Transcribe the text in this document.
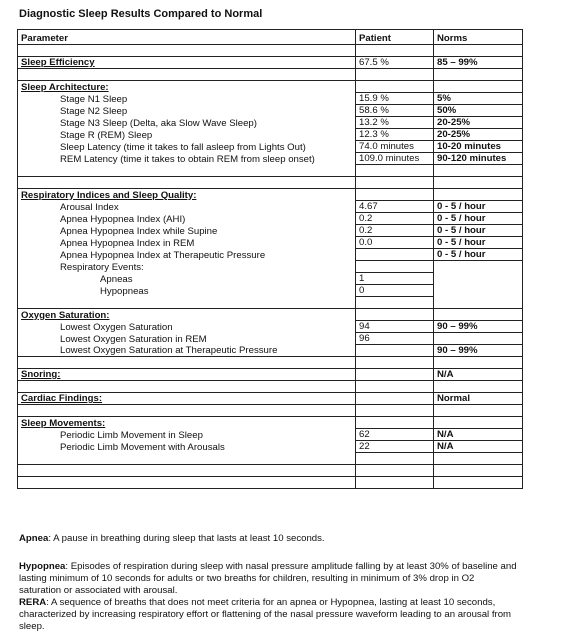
Diagnostic Sleep Results Compared to Normal
Parameter	Patient	Norms

Sleep Efficiency	67.5 %	85 – 99%

Sleep Architecture:		
Stage N1 Sleep	15.9 %	5%
Stage N2 Sleep	58.6 %	50%
Stage N3 Sleep (Delta, aka Slow Wave Sleep)	13.2 %	20-25%
Stage R (REM) Sleep	12.3 %	20-25%
Sleep Latency (time it takes to fall asleep from Lights Out)	74.0 minutes	10-20 minutes
REM Latency (time it takes to obtain REM from sleep onset)	109.0 minutes	90-120 minutes

Respiratory Indices and Sleep Quality:		
Arousal Index	4.67	0 - 5 / hour
Apnea Hypopnea Index (AHI)	0.2	0 - 5 / hour
Apnea Hypopnea Index while Supine	0.2	0 - 5 / hour
Apnea Hypopnea Index in REM	0.0	0 - 5 / hour
Apnea Hypopnea Index at Therapeutic Pressure		0 - 5 / hour
Respiratory Events:		
Apneas	1	
Hypopneas	0	

Oxygen Saturation:		
Lowest Oxygen Saturation	94	90 – 99%
Lowest Oxygen Saturation in REM	96	
Lowest Oxygen Saturation at Therapeutic Pressure		90 – 99%

Snoring:		N/A

Cardiac Findings:		Normal

Sleep Movements:		
Periodic Limb Movement in Sleep	62	N/A
Periodic Limb Movement with Arousals	22	N/A

Apnea: A pause in breathing during sleep that lasts at least 10 seconds.
Hypopnea: Episodes of respiration during sleep with nasal pressure amplitude falling by at least 30% of baseline and lasting minimum of 10 seconds for adults or two breaths for children, resulting in minimum of 3% drop in O2 saturation or associated with arousal.
RERA: A sequence of breaths that does not meet criteria for an apnea or Hypopnea, lasting at least 10 seconds, characterized by increasing respiratory effort or flattening of the nasal pressure waveform leading to an arousal from sleep.
